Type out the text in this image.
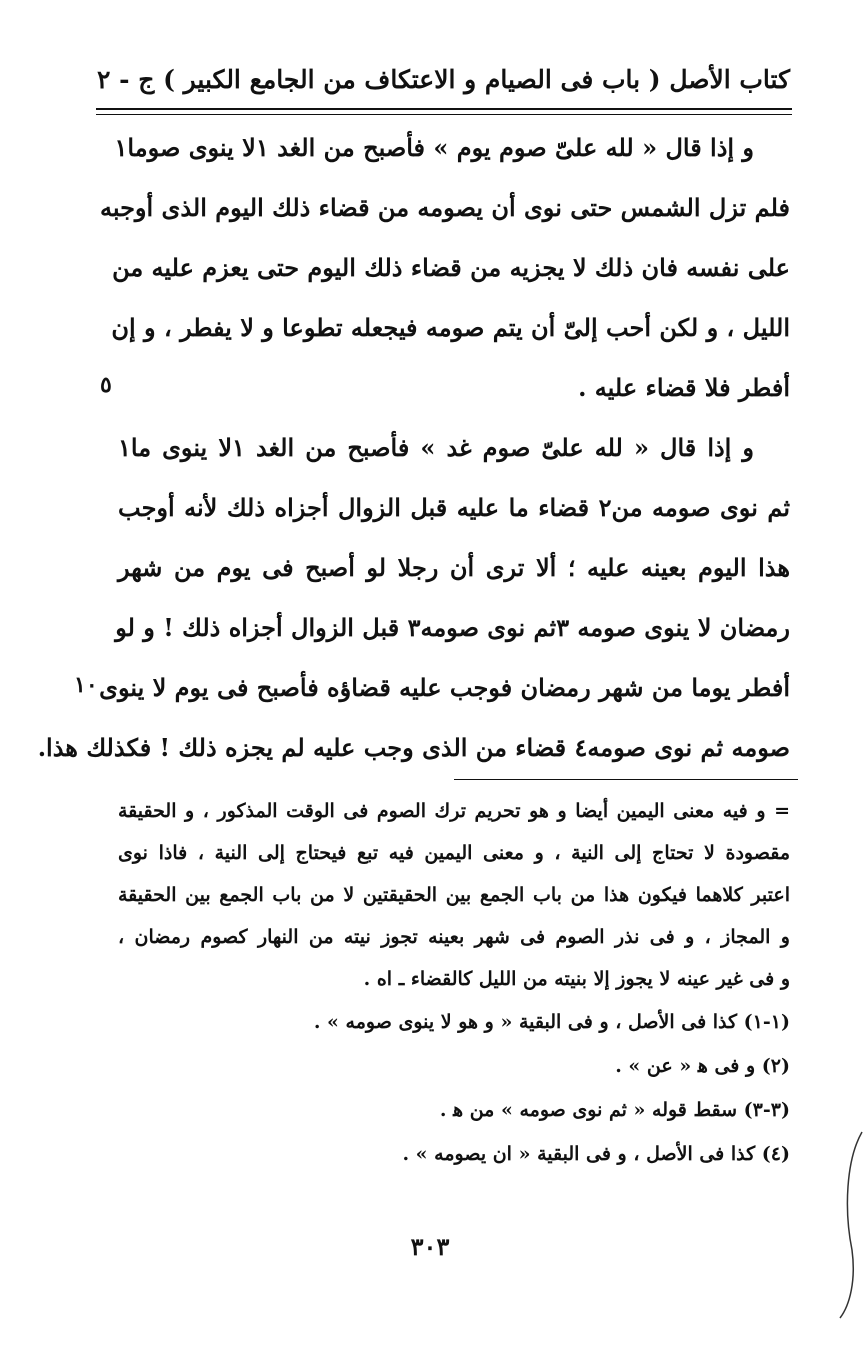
كتاب الأصل ( باب فى الصيام و الاعتكاف من الجامع الكبير ) ج - ٢
و إذا قال « لله علىّ صوم يوم » فأصبح من الغد ١لا ينوى صوما١
فلم تزل الشمس حتى نوى أن يصومه من قضاء ذلك اليوم الذى أوجبه
على نفسه فان ذلك لا يجزيه من قضاء ذلك اليوم حتى يعزم عليه من
الليل ، و لكن أحب إلىّ أن يتم صومه فيجعله تطوعا و لا يفطر ، و إن
أفطر فلا قضاء عليه .
و إذا قال « لله علىّ صوم غد » فأصبح من الغد ١لا ينوى ما١
ثم نوى صومه من٢ قضاء ما عليه قبل الزوال أجزاه ذلك لأنه أوجب
هذا اليوم بعينه عليه ؛ ألا ترى أن رجلا لو أصبح فى يوم من شهر
رمضان لا ينوى صومه ٣ثم نوى صومه٣ قبل الزوال أجزاه ذلك ! و لو
أفطر يوما من شهر رمضان فوجب عليه قضاؤه فأصبح فى يوم لا ينوى
صومه ثم نوى صومه٤ قضاء من الذى وجب عليه لم يجزه ذلك ! فكذلك هذا.
٥
١٠
= و فيه معنى اليمين أيضا و هو تحريم ترك الصوم فى الوقت المذكور ، و الحقيقة
مقصودة لا تحتاج إلى النية ، و معنى اليمين فيه تبع فيحتاج إلى النية ، فاذا نوى
اعتبر كلاهما فيكون هذا من باب الجمع بين الحقيقتين لا من باب الجمع بين الحقيقة
و المجاز ، و فى نذر الصوم فى شهر بعينه تجوز نيته من النهار كصوم رمضان ،
و فى غير عينه لا يجوز إلا بنيته من الليل كالقضاء ـ اه .
(١-١) كذا فى الأصل ، و فى البقية « و هو لا ينوى صومه » .
(٢) و فى ﻫ « عن » .
(٣-٣) سقط قوله « ثم نوى صومه » من ﻫ .
(٤) كذا فى الأصل ، و فى البقية « ان يصومه » .
٣٠٣
